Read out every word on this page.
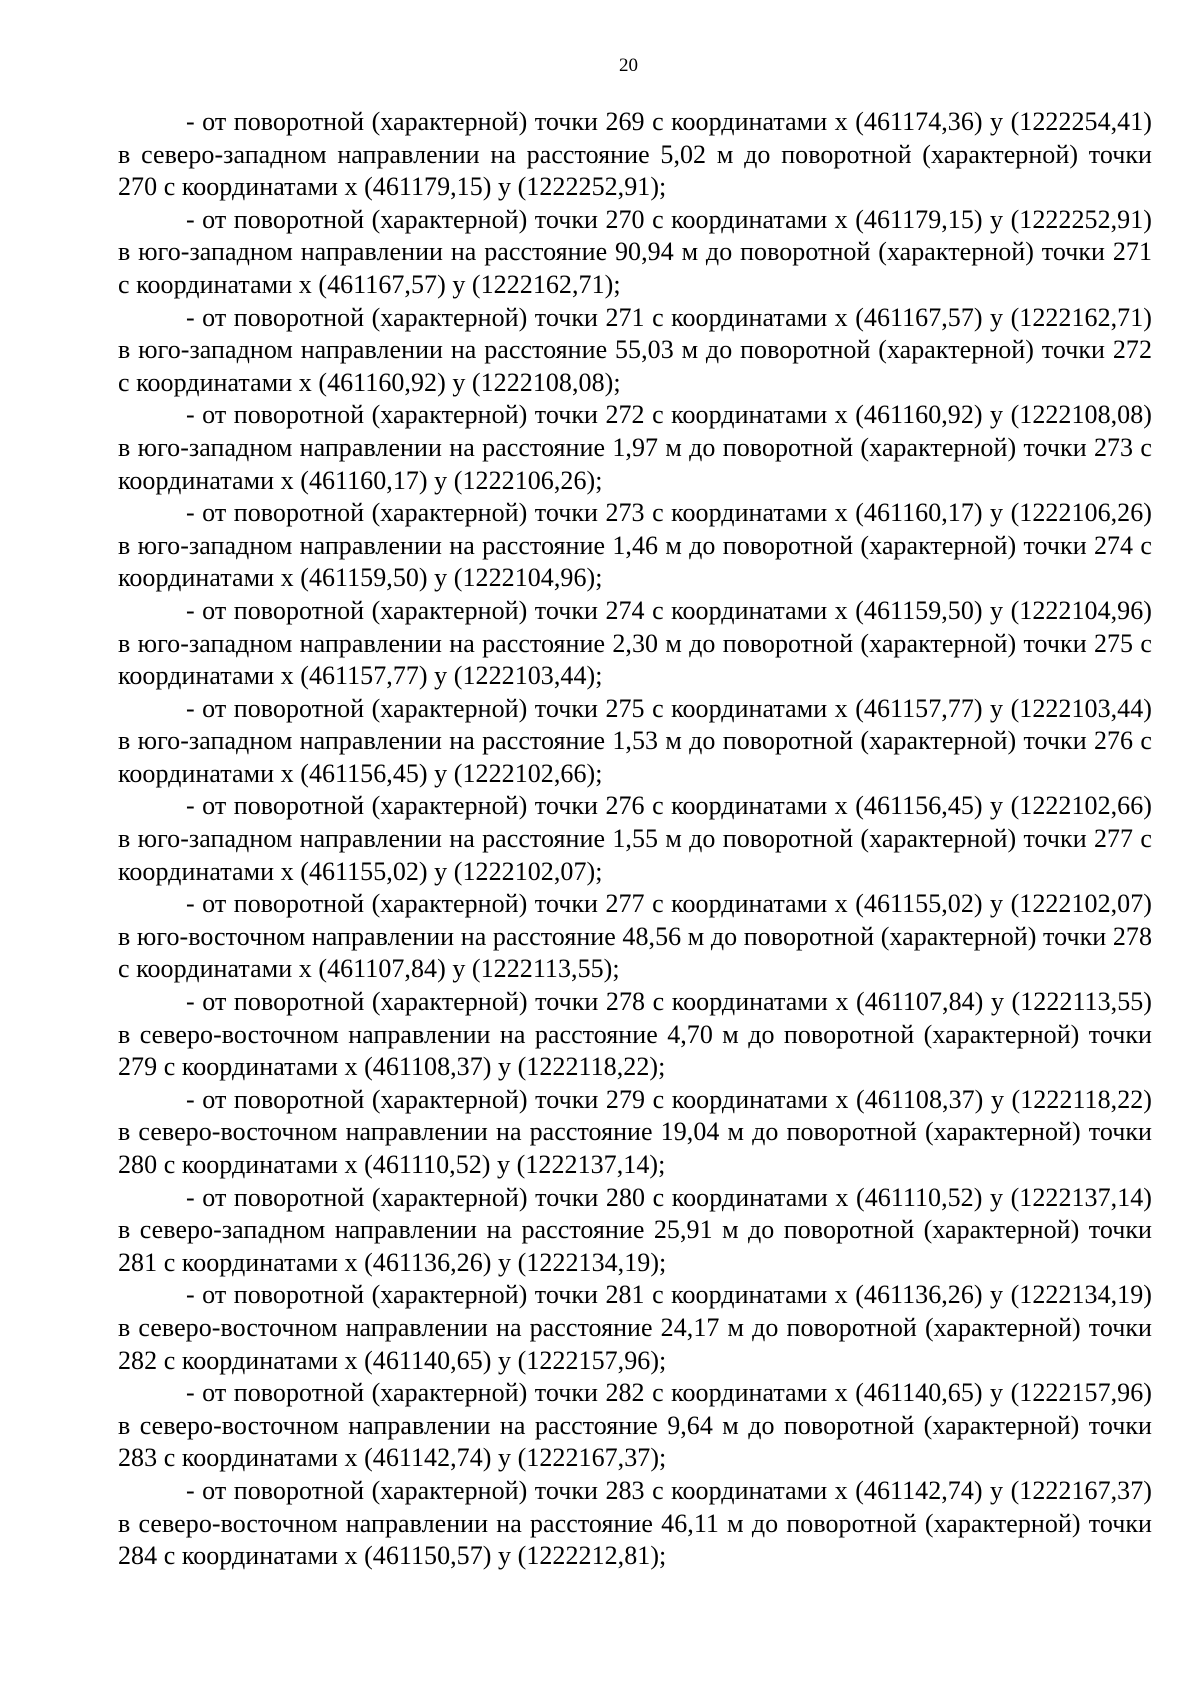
20

- от поворотной (характерной) точки 269 с координатами х (461174,36) у (1222254,41) в северо-западном направлении на расстояние 5,02 м до поворотной (характерной) точки 270 с координатами х (461179,15) у (1222252,91);

- от поворотной (характерной) точки 270 с координатами х (461179,15) у (1222252,91) в юго-западном направлении на расстояние 90,94 м до поворотной (характерной) точки 271 с координатами х (461167,57) у (1222162,71);

- от поворотной (характерной) точки 271 с координатами х (461167,57) у (1222162,71) в юго-западном направлении на расстояние 55,03 м до поворотной (характерной) точки 272 с координатами х (461160,92) у (1222108,08);

- от поворотной (характерной) точки 272 с координатами х (461160,92) у (1222108,08) в юго-западном направлении на расстояние 1,97 м до поворотной (характерной) точки 273 с координатами х (461160,17) у (1222106,26);

- от поворотной (характерной) точки 273 с координатами х (461160,17) у (1222106,26) в юго-западном направлении на расстояние 1,46 м до поворотной (характерной) точки 274 с координатами х (461159,50) у (1222104,96);

- от поворотной (характерной) точки 274 с координатами х (461159,50) у (1222104,96) в юго-западном направлении на расстояние 2,30 м до поворотной (характерной) точки 275 с координатами х (461157,77) у (1222103,44);

- от поворотной (характерной) точки 275 с координатами х (461157,77) у (1222103,44) в юго-западном направлении на расстояние 1,53 м до поворотной (характерной) точки 276 с координатами х (461156,45) у (1222102,66);

- от поворотной (характерной) точки 276 с координатами х (461156,45) у (1222102,66) в юго-западном направлении на расстояние 1,55 м до поворотной (характерной) точки 277 с координатами х (461155,02) у (1222102,07);

- от поворотной (характерной) точки 277 с координатами х (461155,02) у (1222102,07) в юго-восточном направлении на расстояние 48,56 м до поворотной (характерной) точки 278 с координатами х (461107,84) у (1222113,55);

- от поворотной (характерной) точки 278 с координатами х (461107,84) у (1222113,55) в северо-восточном направлении на расстояние 4,70 м до поворотной (характерной) точки 279 с координатами х (461108,37) у (1222118,22);

- от поворотной (характерной) точки 279 с координатами х (461108,37) у (1222118,22) в северо-восточном направлении на расстояние 19,04 м до поворотной (характерной) точки 280 с координатами х (461110,52) у (1222137,14);

- от поворотной (характерной) точки 280 с координатами х (461110,52) у (1222137,14) в северо-западном направлении на расстояние 25,91 м до поворотной (характерной) точки 281 с координатами х (461136,26) у (1222134,19);

- от поворотной (характерной) точки 281 с координатами х (461136,26) у (1222134,19) в северо-восточном направлении на расстояние 24,17 м до поворотной (характерной) точки 282 с координатами х (461140,65) у (1222157,96);

- от поворотной (характерной) точки 282 с координатами х (461140,65) у (1222157,96) в северо-восточном направлении на расстояние 9,64 м до поворотной (характерной) точки 283 с координатами х (461142,74) у (1222167,37);

- от поворотной (характерной) точки 283 с координатами х (461142,74) у (1222167,37) в северо-восточном направлении на расстояние 46,11 м до поворотной (характерной) точки 284 с координатами х (461150,57) у (1222212,81);
